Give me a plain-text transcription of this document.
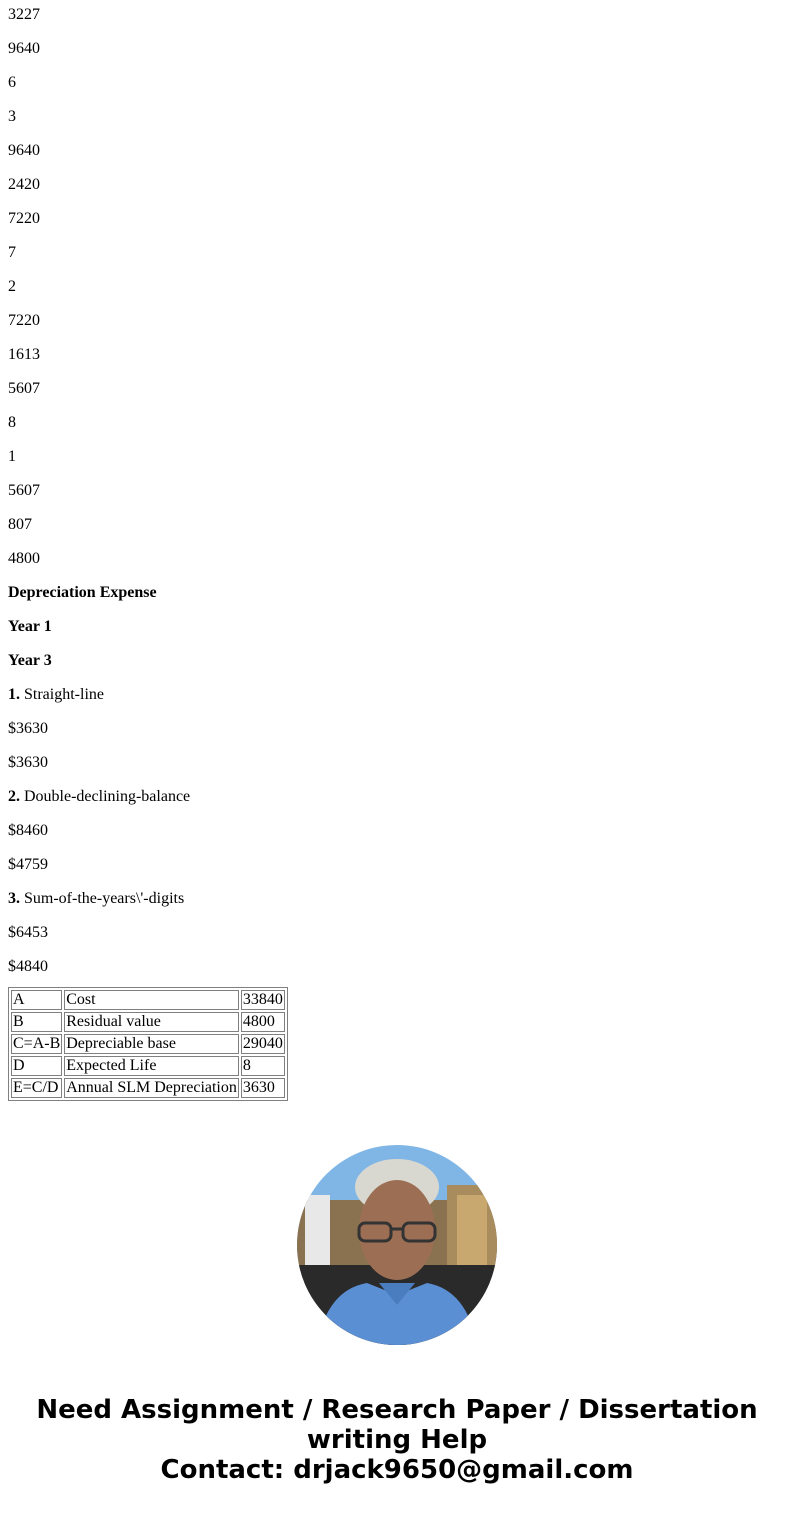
3227

9640

6

3

9640

2420

7220

7

2

7220

1613

5607

8

1

5607

807

4800

Depreciation Expense

Year 1

Year 3

1. Straight-line

$3630

$3630

2. Double-declining-balance

$8460

$4759

3. Sum-of-the-years\'-digits

$6453

$4840

A	Cost	33840
B	Residual value	4800
C=A-B	Depreciable base	29040
D	Expected Life	8
E=C/D	Annual SLM Depreciation	3630
Need Assignment / Research Paper / Dissertation
writing Help
Contact: drjack9650@gmail.com
